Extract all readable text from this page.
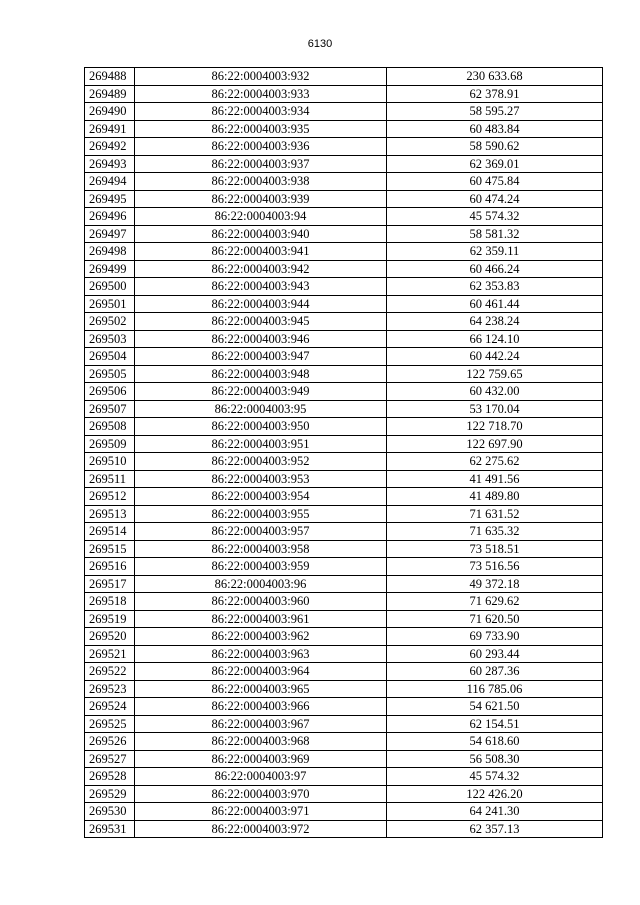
6130
269488	86:22:0004003:932	230 633.68
269489	86:22:0004003:933	62 378.91
269490	86:22:0004003:934	58 595.27
269491	86:22:0004003:935	60 483.84
269492	86:22:0004003:936	58 590.62
269493	86:22:0004003:937	62 369.01
269494	86:22:0004003:938	60 475.84
269495	86:22:0004003:939	60 474.24
269496	86:22:0004003:94	45 574.32
269497	86:22:0004003:940	58 581.32
269498	86:22:0004003:941	62 359.11
269499	86:22:0004003:942	60 466.24
269500	86:22:0004003:943	62 353.83
269501	86:22:0004003:944	60 461.44
269502	86:22:0004003:945	64 238.24
269503	86:22:0004003:946	66 124.10
269504	86:22:0004003:947	60 442.24
269505	86:22:0004003:948	122 759.65
269506	86:22:0004003:949	60 432.00
269507	86:22:0004003:95	53 170.04
269508	86:22:0004003:950	122 718.70
269509	86:22:0004003:951	122 697.90
269510	86:22:0004003:952	62 275.62
269511	86:22:0004003:953	41 491.56
269512	86:22:0004003:954	41 489.80
269513	86:22:0004003:955	71 631.52
269514	86:22:0004003:957	71 635.32
269515	86:22:0004003:958	73 518.51
269516	86:22:0004003:959	73 516.56
269517	86:22:0004003:96	49 372.18
269518	86:22:0004003:960	71 629.62
269519	86:22:0004003:961	71 620.50
269520	86:22:0004003:962	69 733.90
269521	86:22:0004003:963	60 293.44
269522	86:22:0004003:964	60 287.36
269523	86:22:0004003:965	116 785.06
269524	86:22:0004003:966	54 621.50
269525	86:22:0004003:967	62 154.51
269526	86:22:0004003:968	54 618.60
269527	86:22:0004003:969	56 508.30
269528	86:22:0004003:97	45 574.32
269529	86:22:0004003:970	122 426.20
269530	86:22:0004003:971	64 241.30
269531	86:22:0004003:972	62 357.13
